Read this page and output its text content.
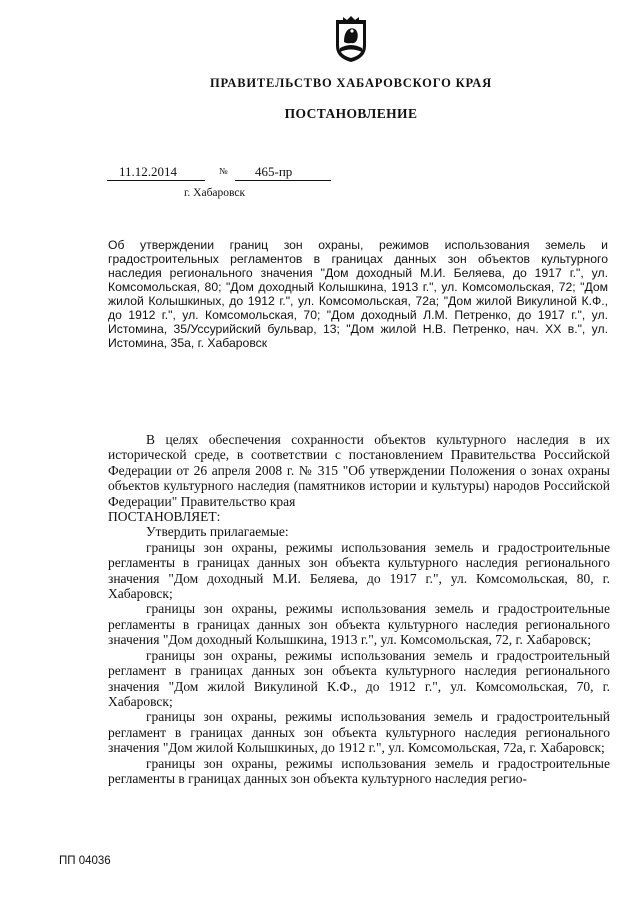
ПРАВИТЕЛЬСТВО ХАБАРОВСКОГО КРАЯ
ПОСТАНОВЛЕНИЕ
11.12.2014	№	465-пр
г. Хабаровск
Об утверждении границ зон охраны, режимов использования земель и градостроительных регламентов в границах данных зон объектов культурного наследия регионального значения "Дом доходный М.И. Беляева, до 1917 г.", ул. Комсомольская, 80; "Дом доходный Колышкина, 1913 г.", ул. Комсомольская, 72; "Дом жилой Колышкиных, до 1912 г.", ул. Комсомольская, 72а; "Дом жилой Викулиной К.Ф., до 1912 г.", ул. Комсомольская, 70; "Дом доходный Л.М. Петренко, до 1917 г.", ул. Истомина, 35/Уссурийский бульвар, 13; "Дом жилой Н.В. Петренко, нач. XX в.", ул. Истомина, 35а, г. Хабаровск

В целях обеспечения сохранности объектов культурного наследия в их исторической среде, в соответствии с постановлением Правительства Российской Федерации от 26 апреля 2008 г. № 315 "Об утверждении Положения о зонах охраны объектов культурного наследия (памятников истории и культуры) народов Российской Федерации" Правительство края

ПОСТАНОВЛЯЕТ:

Утвердить прилагаемые:

границы зон охраны, режимы использования земель и градостроительные регламенты в границах данных зон объекта культурного наследия регионального значения "Дом доходный М.И. Беляева, до 1917 г.", ул. Комсомольская, 80, г. Хабаровск;

границы зон охраны, режимы использования земель и градостроительные регламенты в границах данных зон объекта культурного наследия регионального значения "Дом доходный Колышкина, 1913 г.", ул. Комсомольская, 72, г. Хабаровск;

границы зон охраны, режимы использования земель и градостроительный регламент в границах данных зон объекта культурного наследия регионального значения "Дом жилой Викулиной К.Ф., до 1912 г.", ул. Комсомольская, 70, г. Хабаровск;

границы зон охраны, режимы использования земель и градостроительный регламент в границах данных зон объекта культурного наследия регионального значения "Дом жилой Колышкиных, до 1912 г.", ул. Комсомольская, 72а, г. Хабаровск;

границы зон охраны, режимы использования земель и градостроительные регламенты в границах данных зон объекта культурного наследия регио-

ПП 04036
